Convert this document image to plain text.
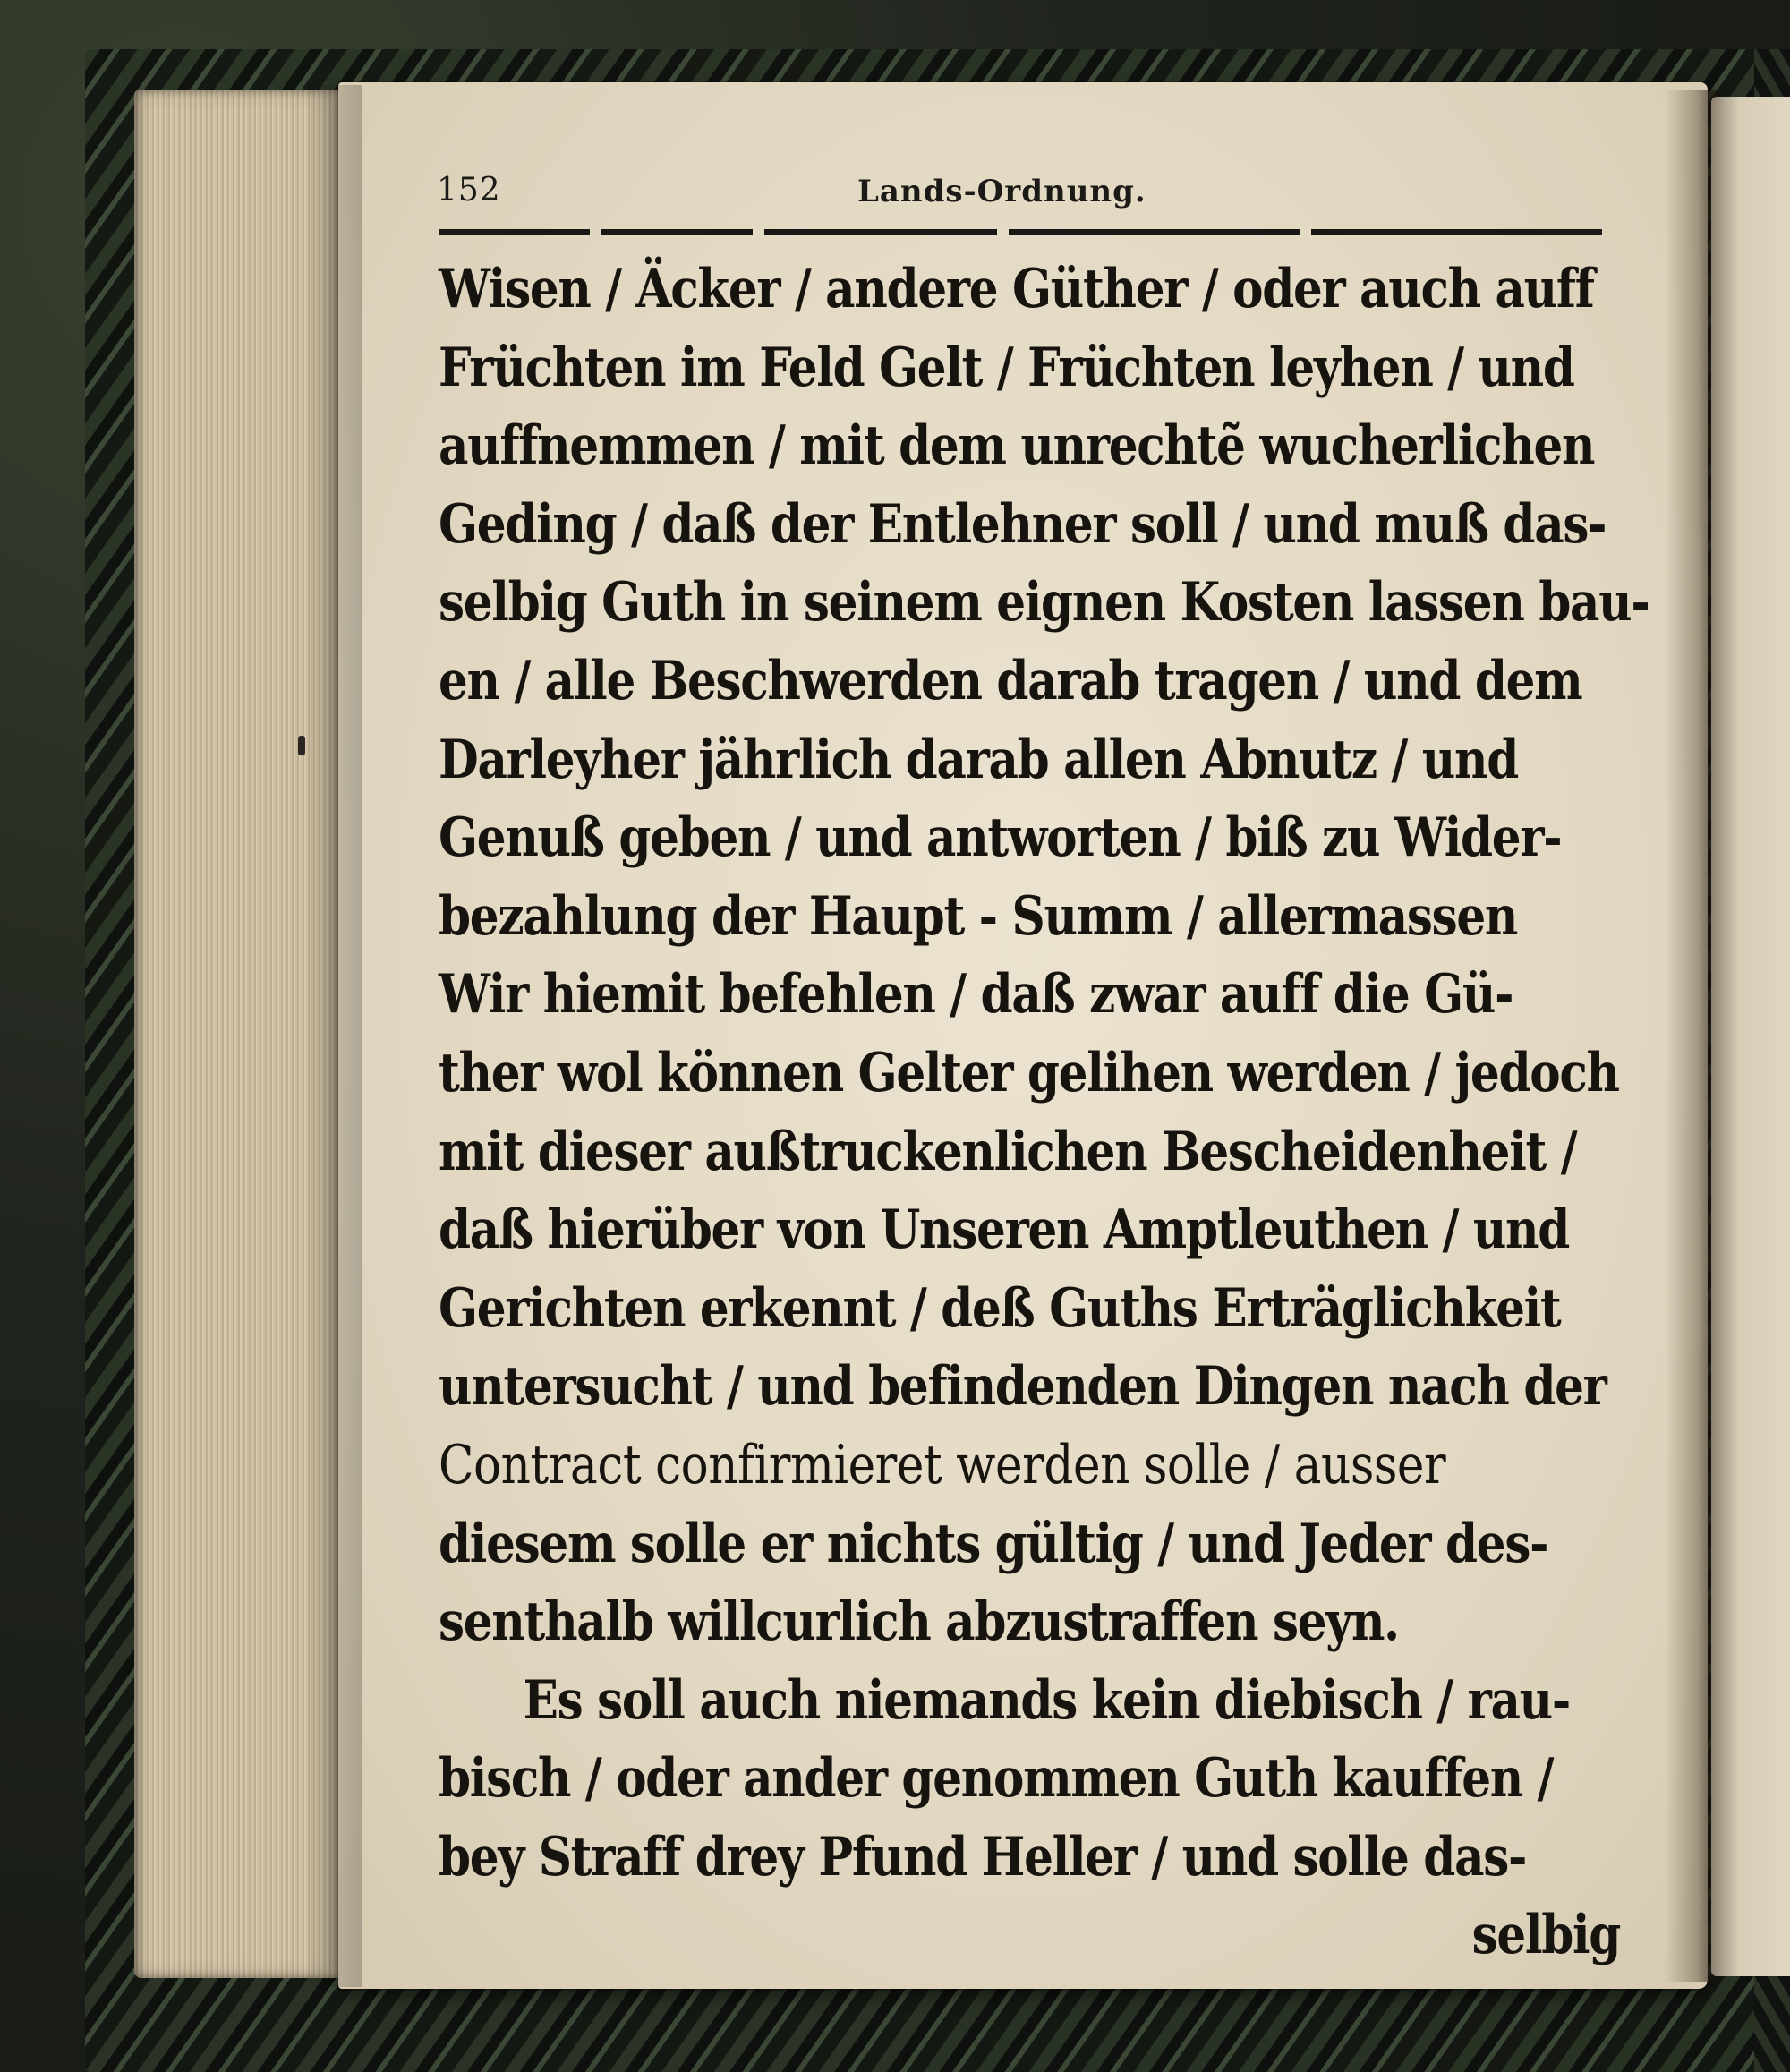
152	Lands-Ordnung.
Wisen / Äcker / andere Güther / oder auch auff
Früchten im Feld Gelt / Früchten leyhen / und
auffnemmen / mit dem unrechtẽ wucherlichen
Geding / daß der Entlehner soll / und muß das-
selbig Guth in seinem eignen Kosten lassen bau-
en / alle Beschwerden darab tragen / und dem
Darleyher jährlich darab allen Abnutz / und
Genuß geben / und antworten / biß zu Wider-
bezahlung der Haupt - Summ / allermassen
Wir hiemit befehlen / daß zwar auff die Gü-
ther wol können Gelter gelihen werden / jedoch
mit dieser außtruckenlichen Bescheidenheit /
daß hierüber von Unseren Amptleuthen / und
Gerichten erkennt / deß Guths Erträglichkeit
untersucht / und befindenden Dingen nach der
Contract confirmieret werden solle / ausser
diesem solle er nichts gültig / und Jeder des-
senthalb willcurlich abzustraffen seyn.
Es soll auch niemands kein diebisch / rau-
bisch / oder ander genommen Guth kauffen /
bey Straff drey Pfund Heller / und solle das-
selbig
